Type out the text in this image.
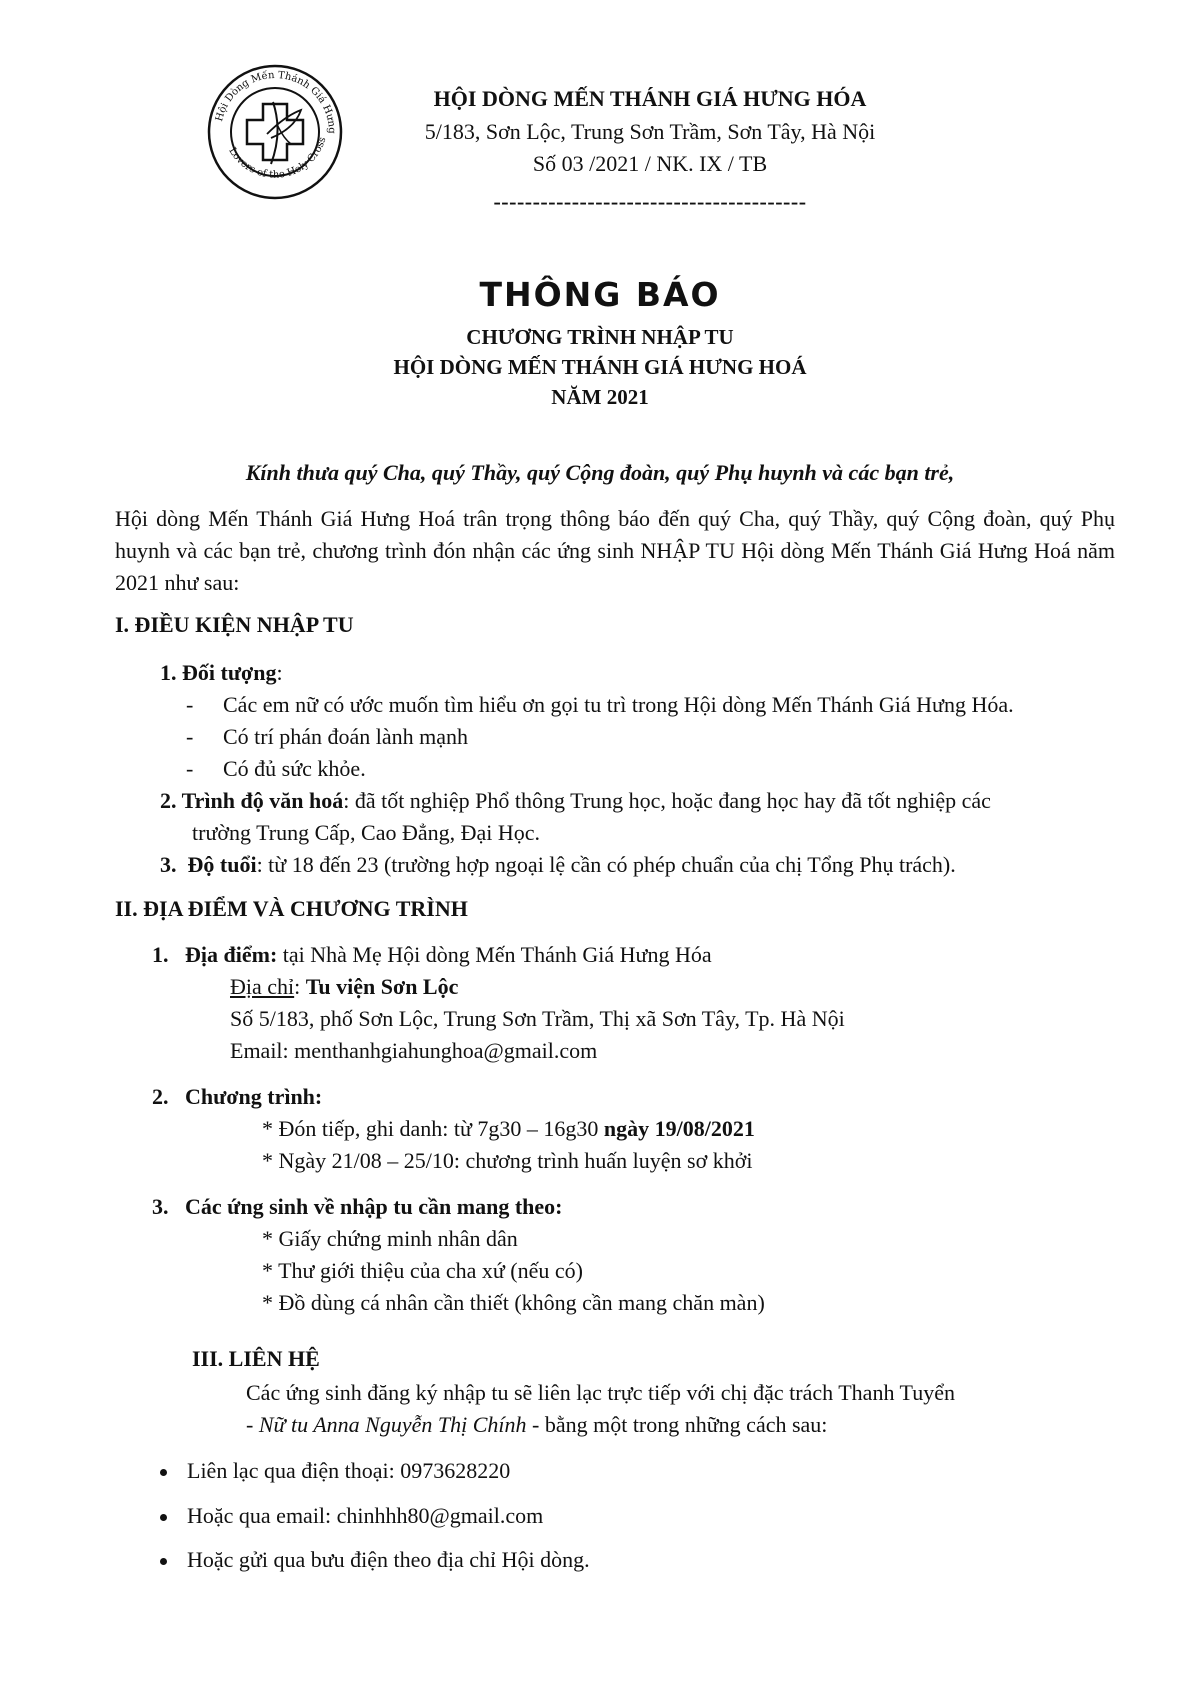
Hội Dòng Mến Thánh Giá Hưng
Lovers of the Holy Cross
HỘI DÒNG MẾN THÁNH GIÁ HƯNG HÓA
5/183, Sơn Lộc, Trung Sơn Trầm, Sơn Tây, Hà Nội
Số 03 /2021 / NK. IX / TB
----------------------------------------
THÔNG BÁO
CHƯƠNG TRÌNH NHẬP TU
HỘI DÒNG MẾN THÁNH GIÁ HƯNG HOÁ
NĂM 2021
Kính thưa quý Cha, quý Thầy, quý Cộng đoàn, quý Phụ huynh và các bạn trẻ,
Hội dòng Mến Thánh Giá Hưng Hoá trân trọng thông báo đến quý Cha, quý Thầy, quý Cộng đoàn, quý Phụ huynh và các bạn trẻ, chương trình đón nhận các ứng sinh NHẬP TU Hội dòng Mến Thánh Giá Hưng Hoá năm 2021 như sau:
I. ĐIỀU KIỆN NHẬP TU
1. Đối tượng:
- Các em nữ có ước muốn tìm hiểu ơn gọi tu trì trong Hội dòng Mến Thánh Giá Hưng Hóa.
- Có trí phán đoán lành mạnh
- Có đủ sức khỏe.
2. Trình độ văn hoá: đã tốt nghiệp Phổ thông Trung học, hoặc đang học hay đã tốt nghiệp các
trường Trung Cấp, Cao Đẳng, Đại Học.
3. Độ tuổi: từ 18 đến 23 (trường hợp ngoại lệ cần có phép chuẩn của chị Tổng Phụ trách).
II. ĐỊA ĐIỂM VÀ CHƯƠNG TRÌNH
1. Địa điểm: tại Nhà Mẹ Hội dòng Mến Thánh Giá Hưng Hóa
Địa chỉ: Tu viện Sơn Lộc
Số 5/183, phố Sơn Lộc, Trung Sơn Trầm, Thị xã Sơn Tây, Tp. Hà Nội
Email: menthanhgiahunghoa@gmail.com
2. Chương trình:
* Đón tiếp, ghi danh: từ 7g30 – 16g30 ngày 19/08/2021
* Ngày 21/08 – 25/10: chương trình huấn luyện sơ khởi
3. Các ứng sinh về nhập tu cần mang theo:
* Giấy chứng minh nhân dân
* Thư giới thiệu của cha xứ (nếu có)
* Đồ dùng cá nhân cần thiết (không cần mang chăn màn)
III. LIÊN HỆ
Các ứng sinh đăng ký nhập tu sẽ liên lạc trực tiếp với chị đặc trách Thanh Tuyển
- Nữ tu Anna Nguyễn Thị Chính - bằng một trong những cách sau:
Liên lạc qua điện thoại: 0973628220
Hoặc qua email: chinhhh80@gmail.com
Hoặc gửi qua bưu điện theo địa chỉ Hội dòng.
